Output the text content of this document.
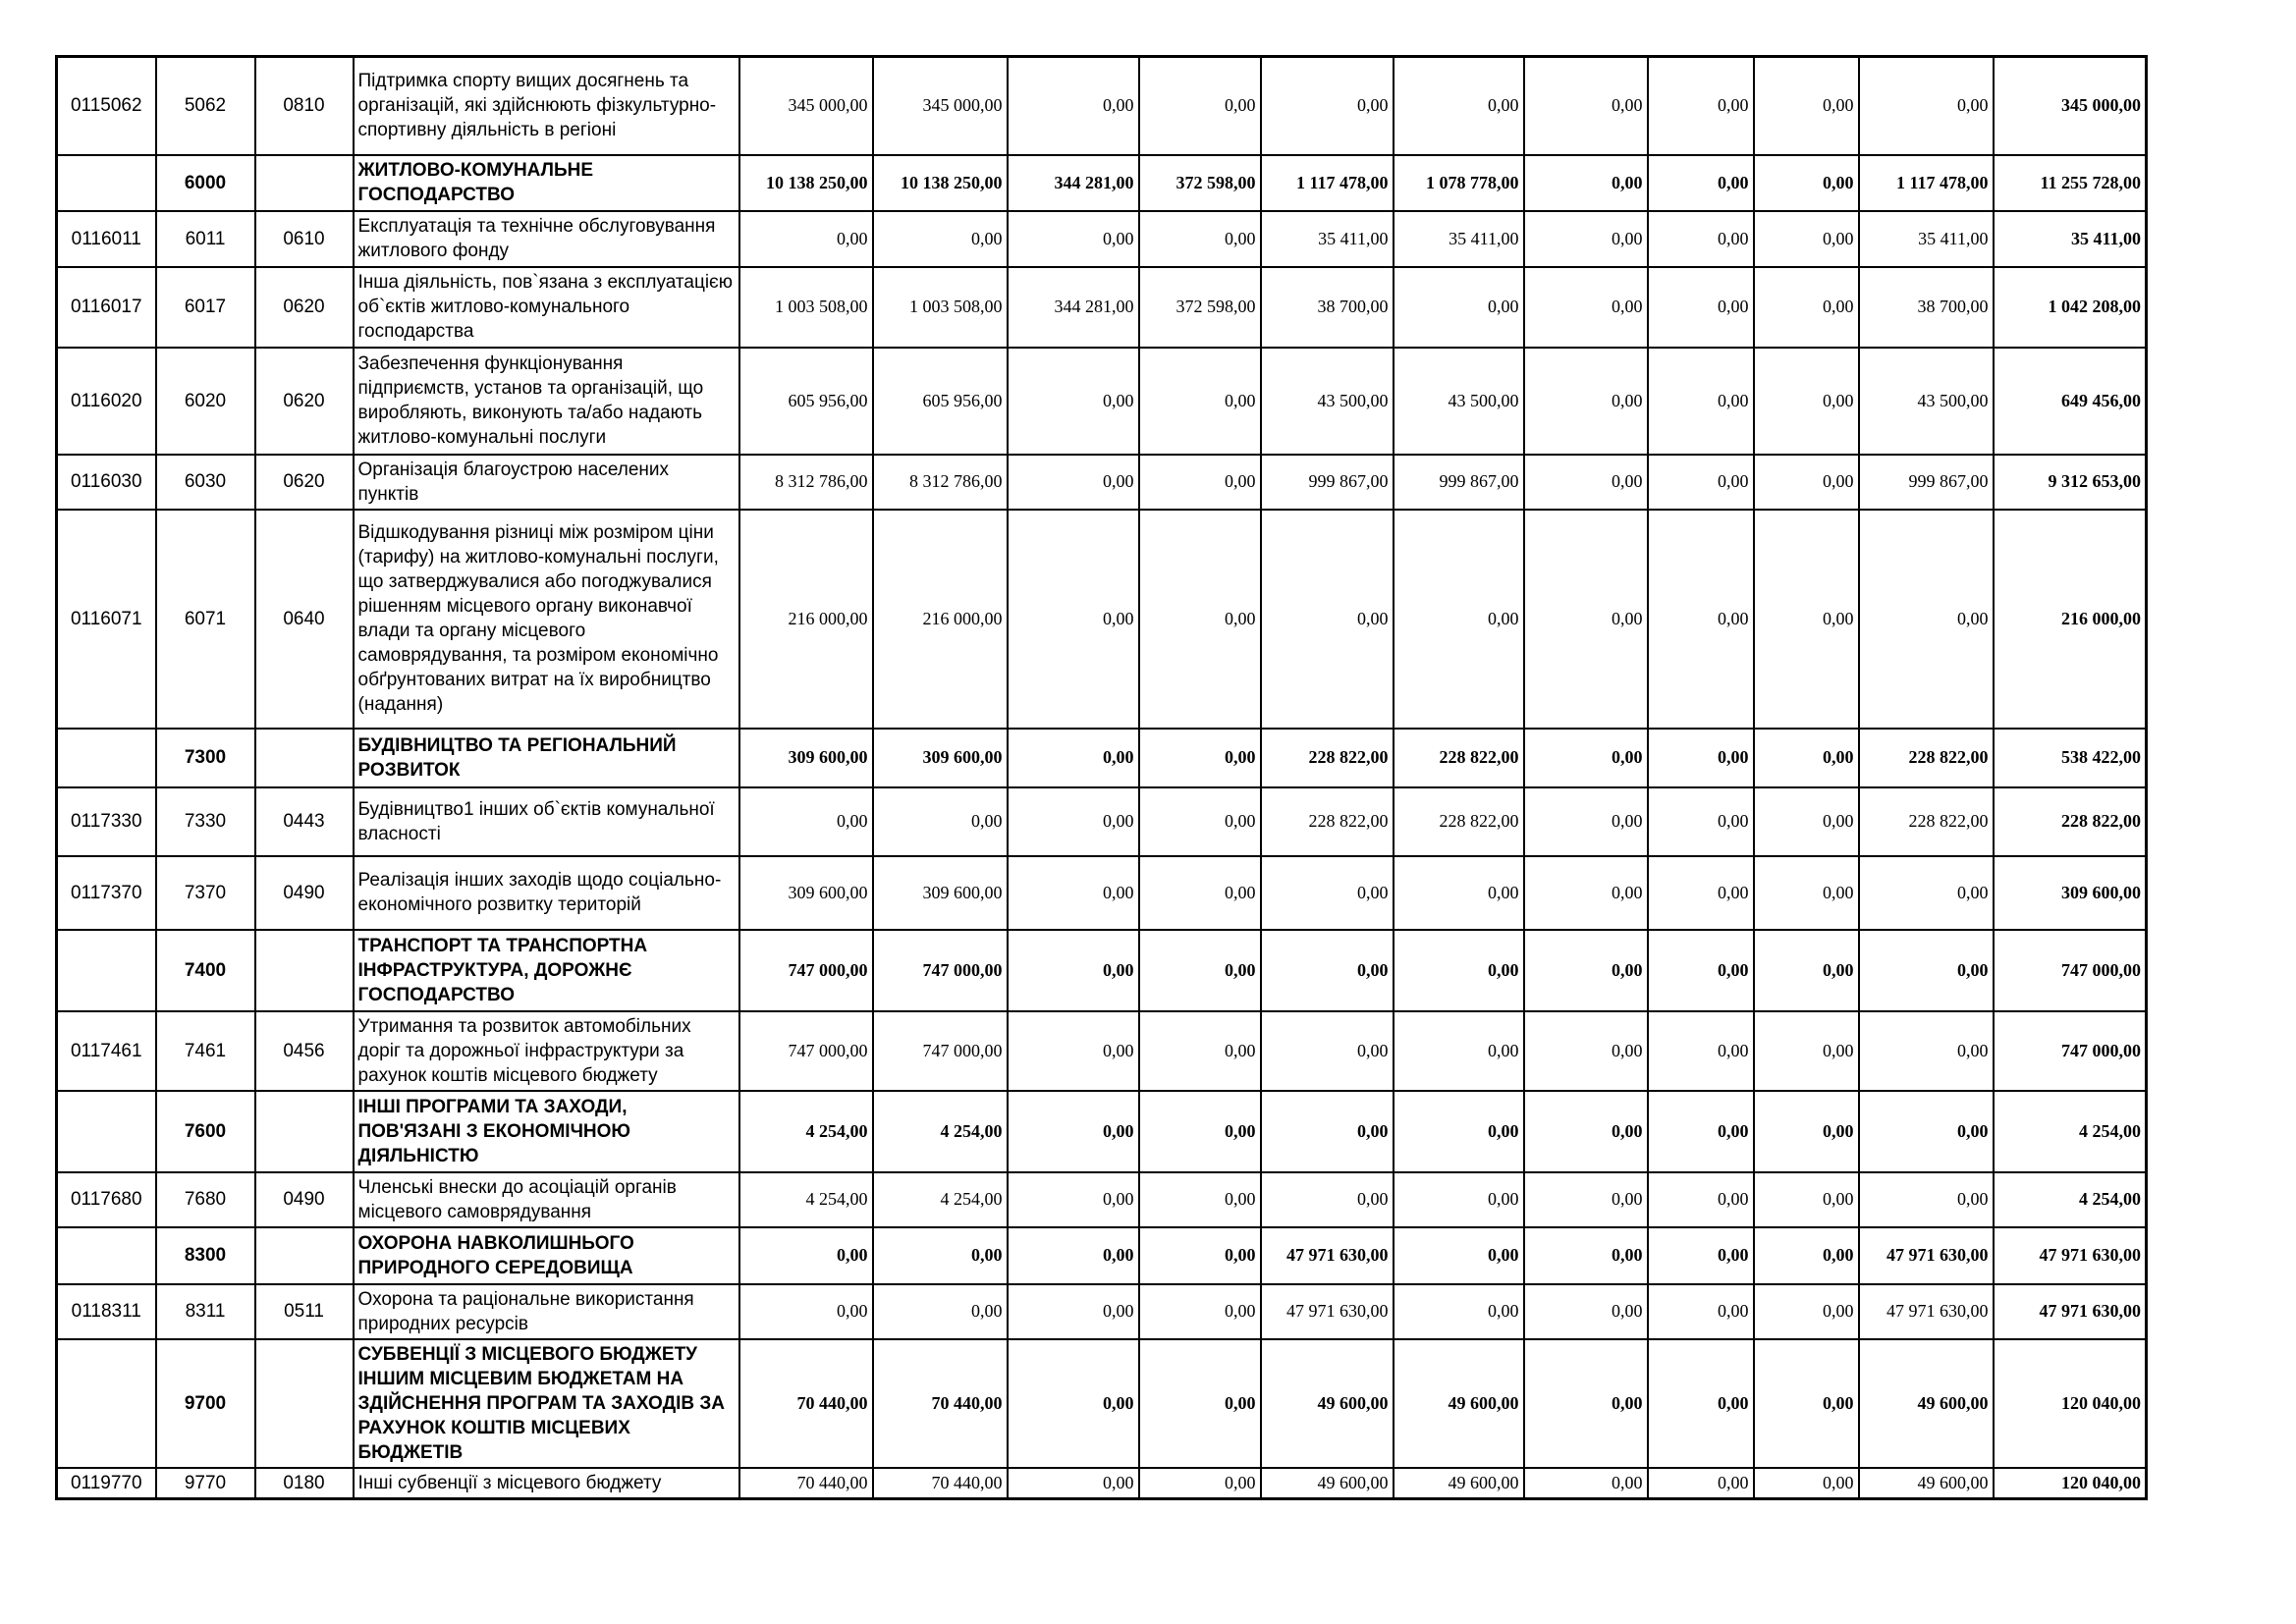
0115062	5062	0810	Підтримка спорту вищих досягнень та організацій, які здійснюють фізкультурно-спортивну діяльність в регіоні	345 000,00	345 000,00	0,00	0,00	0,00	0,00	0,00	0,00	0,00	0,00	345 000,00
	6000		ЖИТЛОВО-КОМУНАЛЬНЕ ГОСПОДАРСТВО	10 138 250,00	10 138 250,00	344 281,00	372 598,00	1 117 478,00	1 078 778,00	0,00	0,00	0,00	1 117 478,00	11 255 728,00
0116011	6011	0610	Експлуатація та технічне обслуговування житлового фонду	0,00	0,00	0,00	0,00	35 411,00	35 411,00	0,00	0,00	0,00	35 411,00	35 411,00
0116017	6017	0620	Інша діяльність, пов`язана з експлуатацією об`єктів житлово-комунального господарства	1 003 508,00	1 003 508,00	344 281,00	372 598,00	38 700,00	0,00	0,00	0,00	0,00	38 700,00	1 042 208,00
0116020	6020	0620	Забезпечення функціонування підприємств, установ та організацій, що виробляють, виконують та/або надають житлово-комунальні послуги	605 956,00	605 956,00	0,00	0,00	43 500,00	43 500,00	0,00	0,00	0,00	43 500,00	649 456,00
0116030	6030	0620	Організація благоустрою населених пунктів	8 312 786,00	8 312 786,00	0,00	0,00	999 867,00	999 867,00	0,00	0,00	0,00	999 867,00	9 312 653,00
0116071	6071	0640	Відшкодування різниці між розміром ціни (тарифу) на житлово-комунальні послуги, що затверджувалися або погоджувалися рішенням місцевого органу виконавчої влади та органу місцевого самоврядування, та розміром економічно обґрунтованих витрат на їх виробництво (надання)	216 000,00	216 000,00	0,00	0,00	0,00	0,00	0,00	0,00	0,00	0,00	216 000,00
	7300		БУДІВНИЦТВО ТА РЕГІОНАЛЬНИЙ РОЗВИТОК	309 600,00	309 600,00	0,00	0,00	228 822,00	228 822,00	0,00	0,00	0,00	228 822,00	538 422,00
0117330	7330	0443	Будівництво1 інших об`єктів комунальної власності	0,00	0,00	0,00	0,00	228 822,00	228 822,00	0,00	0,00	0,00	228 822,00	228 822,00
0117370	7370	0490	Реалізація інших заходів щодо соціально-економічного розвитку територій	309 600,00	309 600,00	0,00	0,00	0,00	0,00	0,00	0,00	0,00	0,00	309 600,00
	7400		ТРАНСПОРТ ТА ТРАНСПОРТНА ІНФРАСТРУКТУРА, ДОРОЖНЄ ГОСПОДАРСТВО	747 000,00	747 000,00	0,00	0,00	0,00	0,00	0,00	0,00	0,00	0,00	747 000,00
0117461	7461	0456	Утримання та розвиток автомобільних доріг та дорожньої інфраструктури за рахунок коштів місцевого бюджету	747 000,00	747 000,00	0,00	0,00	0,00	0,00	0,00	0,00	0,00	0,00	747 000,00
	7600		ІНШІ ПРОГРАМИ ТА ЗАХОДИ, ПОВ'ЯЗАНІ З ЕКОНОМІЧНОЮ ДІЯЛЬНІСТЮ	4 254,00	4 254,00	0,00	0,00	0,00	0,00	0,00	0,00	0,00	0,00	4 254,00
0117680	7680	0490	Членські внески до асоціацій органів місцевого самоврядування	4 254,00	4 254,00	0,00	0,00	0,00	0,00	0,00	0,00	0,00	0,00	4 254,00
	8300		ОХОРОНА НАВКОЛИШНЬОГО ПРИРОДНОГО СЕРЕДОВИЩА	0,00	0,00	0,00	0,00	47 971 630,00	0,00	0,00	0,00	0,00	47 971 630,00	47 971 630,00
0118311	8311	0511	Охорона та раціональне використання природних ресурсів	0,00	0,00	0,00	0,00	47 971 630,00	0,00	0,00	0,00	0,00	47 971 630,00	47 971 630,00
	9700		СУБВЕНЦІЇ З МІСЦЕВОГО БЮДЖЕТУ ІНШИМ МІСЦЕВИМ БЮДЖЕТАМ НА ЗДІЙСНЕННЯ ПРОГРАМ ТА ЗАХОДІВ ЗА РАХУНОК КОШТІВ МІСЦЕВИХ БЮДЖЕТІВ	70 440,00	70 440,00	0,00	0,00	49 600,00	49 600,00	0,00	0,00	0,00	49 600,00	120 040,00
0119770	9770	0180	Інші субвенції з місцевого бюджету	70 440,00	70 440,00	0,00	0,00	49 600,00	49 600,00	0,00	0,00	0,00	49 600,00	120 040,00
